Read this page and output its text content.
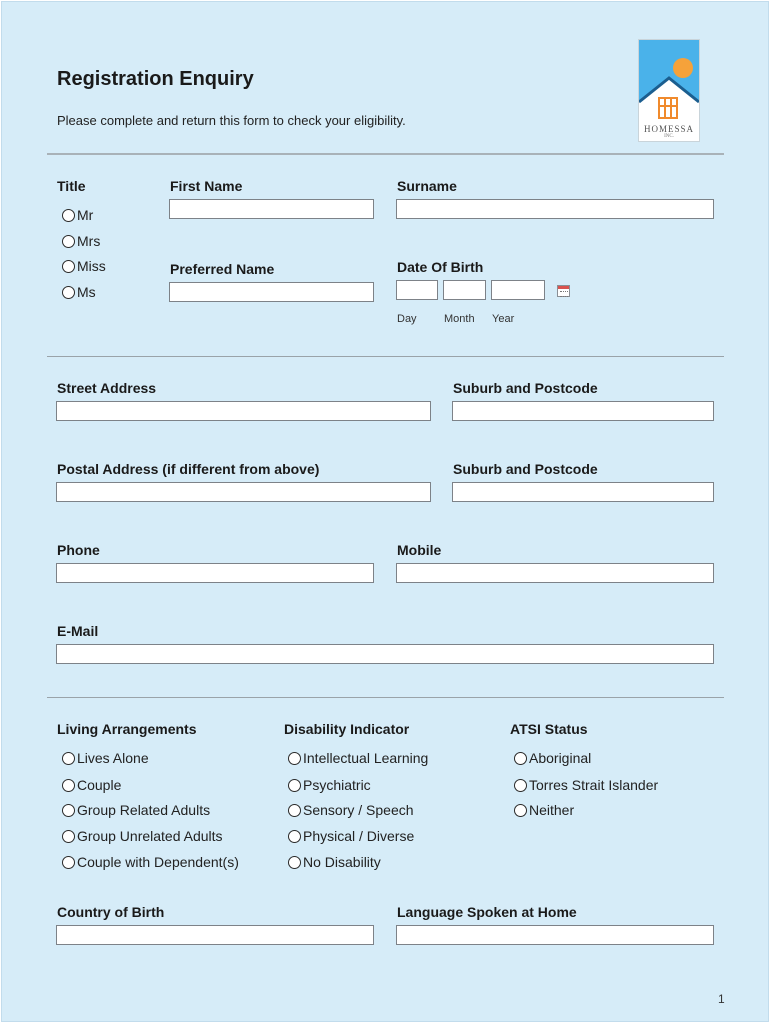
Registration Enquiry
Please complete and return this form to check your eligibility.
HOMESSA
INC.
Title
Mr
Mrs
Miss
Ms
First Name	Surname
Preferred Name	Date Of Birth
Day Month Year
Street Address	Suburb and Postcode
Postal Address (if different from above)	Suburb and Postcode
Phone	Mobile
E-Mail
Living Arrangements
Lives Alone
Couple
Group Related Adults
Group Unrelated Adults
Couple with Dependent(s)
Disability Indicator
Intellectual Learning
Psychiatric
Sensory / Speech
Physical / Diverse
No Disability
ATSI Status
Aboriginal
Torres Strait Islander
Neither
Country of Birth	Language Spoken at Home
1
